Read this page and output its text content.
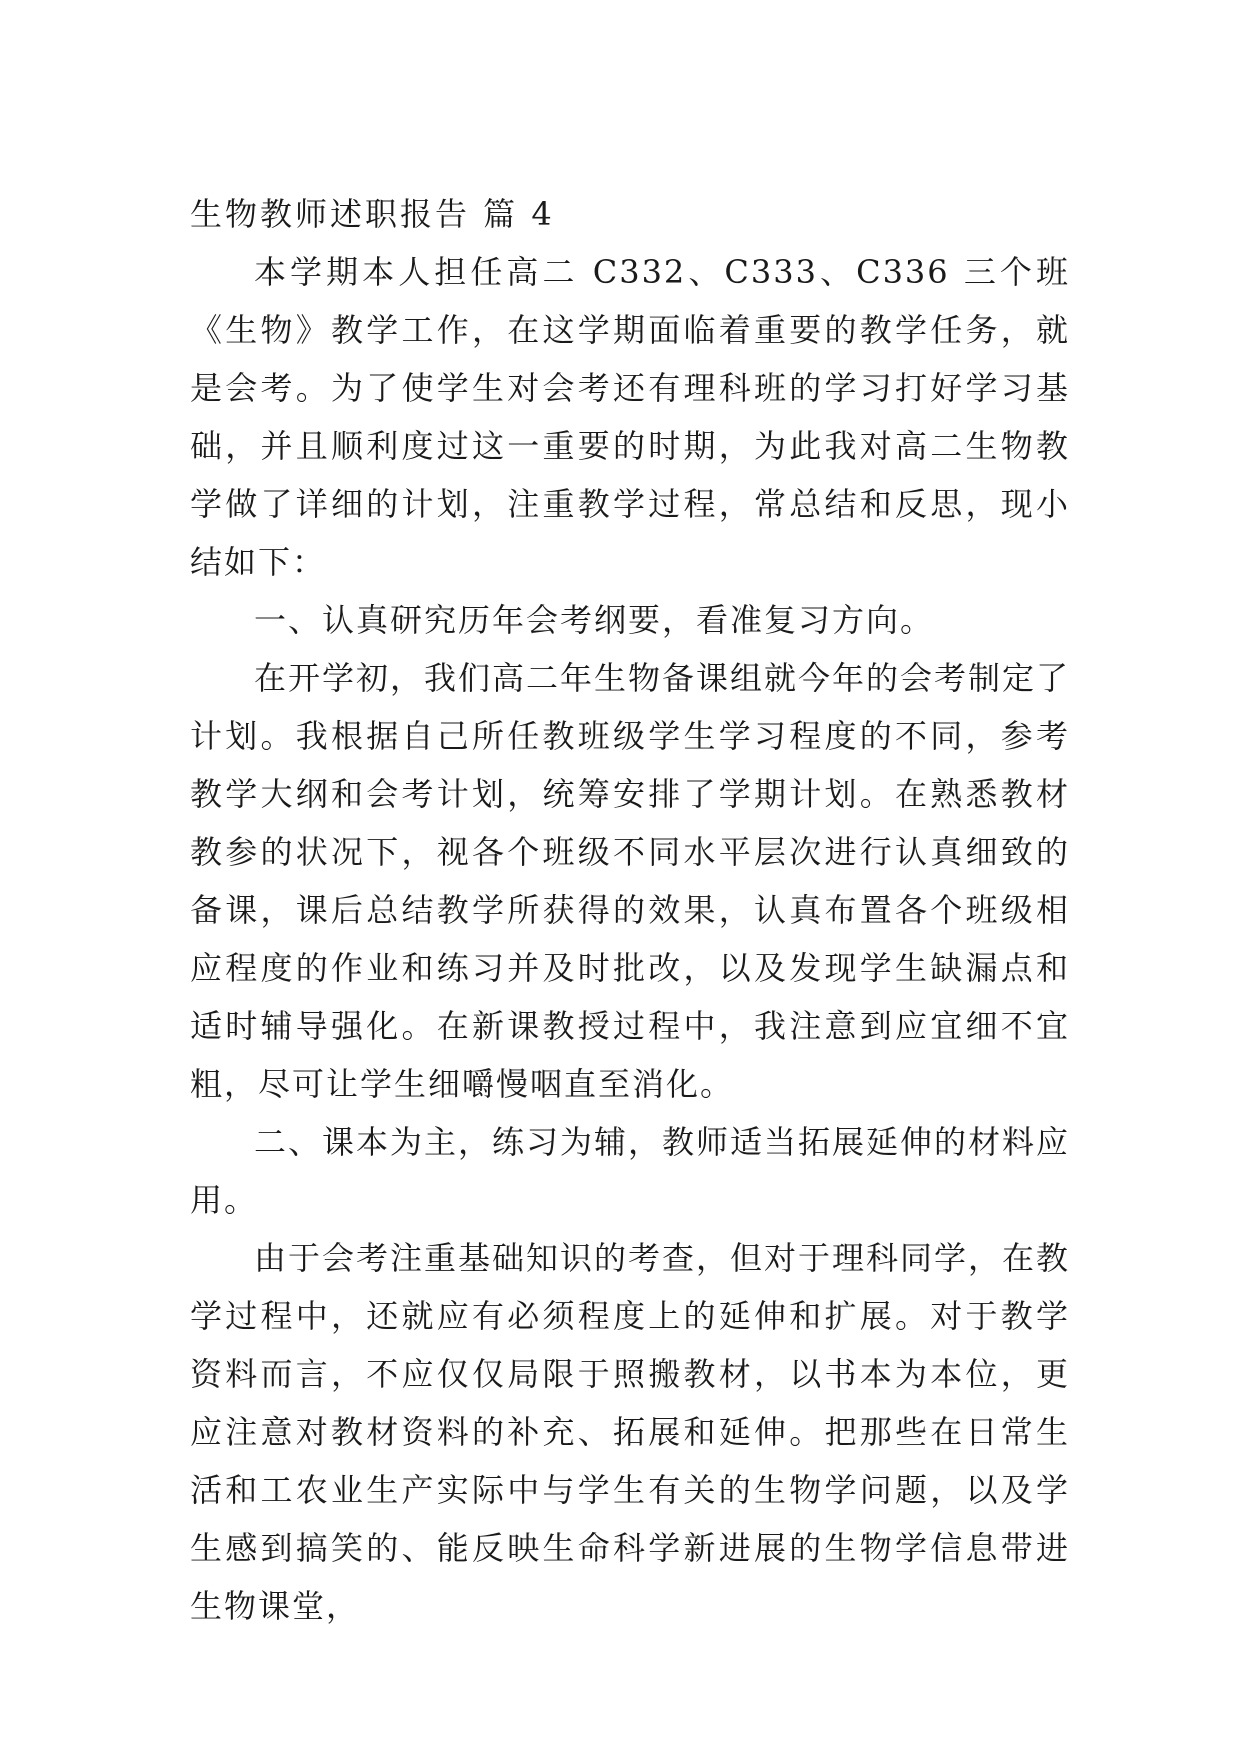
生物教师述职报告 篇 4

本学期本人担任高二 C332、C333、C336 三个班《生物》教学工作，在这学期面临着重要的教学任务，就是会考。为了使学生对会考还有理科班的学习打好学习基础，并且顺利度过这一重要的时期，为此我对高二生物教学做了详细的计划，注重教学过程，常总结和反思，现小结如下：

一、认真研究历年会考纲要，看准复习方向。

在开学初，我们高二年生物备课组就今年的会考制定了计划。我根据自己所任教班级学生学习程度的不同，参考教学大纲和会考计划，统筹安排了学期计划。在熟悉教材教参的状况下，视各个班级不同水平层次进行认真细致的备课，课后总结教学所获得的效果，认真布置各个班级相应程度的作业和练习并及时批改，以及发现学生缺漏点和适时辅导强化。在新课教授过程中，我注意到应宜细不宜粗，尽可让学生细嚼慢咽直至消化。

二、课本为主，练习为辅，教师适当拓展延伸的材料应用。

由于会考注重基础知识的考查，但对于理科同学，在教学过程中，还就应有必须程度上的延伸和扩展。对于教学资料而言，不应仅仅局限于照搬教材，以书本为本位，更应注意对教材资料的补充、拓展和延伸。把那些在日常生活和工农业生产实际中与学生有关的生物学问题，以及学生感到搞笑的、能反映生命科学新进展的生物学信息带进生物课堂，
